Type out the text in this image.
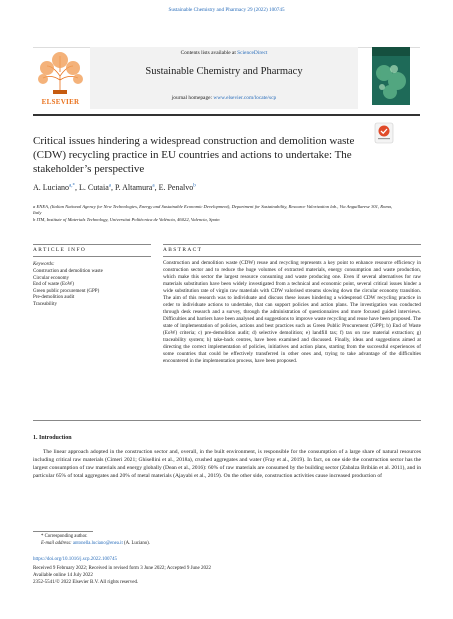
Sustainable Chemistry and Pharmacy 29 (2022) 100745
ELSEVIER
Contents lists available at ScienceDirect
Sustainable Chemistry and Pharmacy
journal homepage: www.elsevier.com/locate/scp
Critical issues hindering a widespread construction and demolition waste (CDW) recycling practice in EU countries and actions to undertake: The stakeholder’s perspective
A. Luciano$^{a,*}$, L. Cutaia$^a$, P. Altamura$^a$, E. Penalvo$^b$
a ENEA, (Italian National Agency for New Technologies, Energy and Sustainable Economic Development), Department for Sustainability, Resource Valorization lab., Via Anguillarese 301, Roma, Italy
b ITM, Institute of Materials Technology, Universitat Politècnica de València, 46022, Valencia, Spain
ARTICLE INFO	ABSTRACT
Keywords:
Construction and demolition waste
Circular economy
End of waste (EoW)
Green public procurement (GPP)
Pre-demolition audit
Traceability
Construction and demolition waste (CDW) reuse and recycling represents a key point to enhance resource efficiency in construction sector and to reduce the huge volumes of extracted materials, energy consumption and waste production, which make this sector the largest resource consuming and waste producing one. Even if several alternatives for raw materials substitution have been widely investigated from a technical and economic point, several critical issues hinder a wide substitution rate of virgin raw materials with CDW valorised streams slowing down the circular economy transition. The aim of this research was to individuate and discuss these issues hindering a widespread CDW recycling practice in order to individuate actions to undertake, that can support policies and action plans. The investigation was conducted through desk research and a survey, through the administration of questionnaires and more focused guided interviews. Difficulties and barriers have been analysed and suggestions to improve waste recycling and reuse have been proposed. The state of implementation of policies, actions and best practices such as Green Public Procurement (GPP); b) End of Waste (EoW) criteria; c) pre-demolition audit; d) selective demolition; e) landfill tax; f) tax on raw material extraction; g) traceability system; h) take-back centres, have been examined and discussed. Finally, ideas and suggestions aimed at directing the correct implementation of policies, initiatives and action plans, starting from the successful experiences of some countries that could be effectively transferred in other ones and, trying to take advantage of the difficulties encountered in the implementation process, have been proposed.
1. Introduction
The linear approach adopted in the construction sector and, overall, in the built environment, is responsible for the consumption of a large share of natural resources including critical raw materials (Cimeri 2021; Ghisellini et al., 2018a), crushed aggregates and water (Fray et al., 2019). In fact, on one side the construction sector has the largest consumption of raw materials and energy globally (Dean et al., 2016): 60% of raw materials are consumed by the building sector (Zabalza Bribián et al. 2011), and in particular 65% of total aggregates and 20% of metal materials (Ajayabi et al., 2019). On the other side, construction activities cause increased production of
* Corresponding author.
E-mail address: antonella.luciano@enea.it (A. Luciano).
https://doi.org/10.1016/j.scp.2022.100745
Received 9 February 2022; Received in revised form 3 June 2022; Accepted 9 June 2022
Available online 14 July 2022
2352-5541/© 2022 Elsevier B.V. All rights reserved.
